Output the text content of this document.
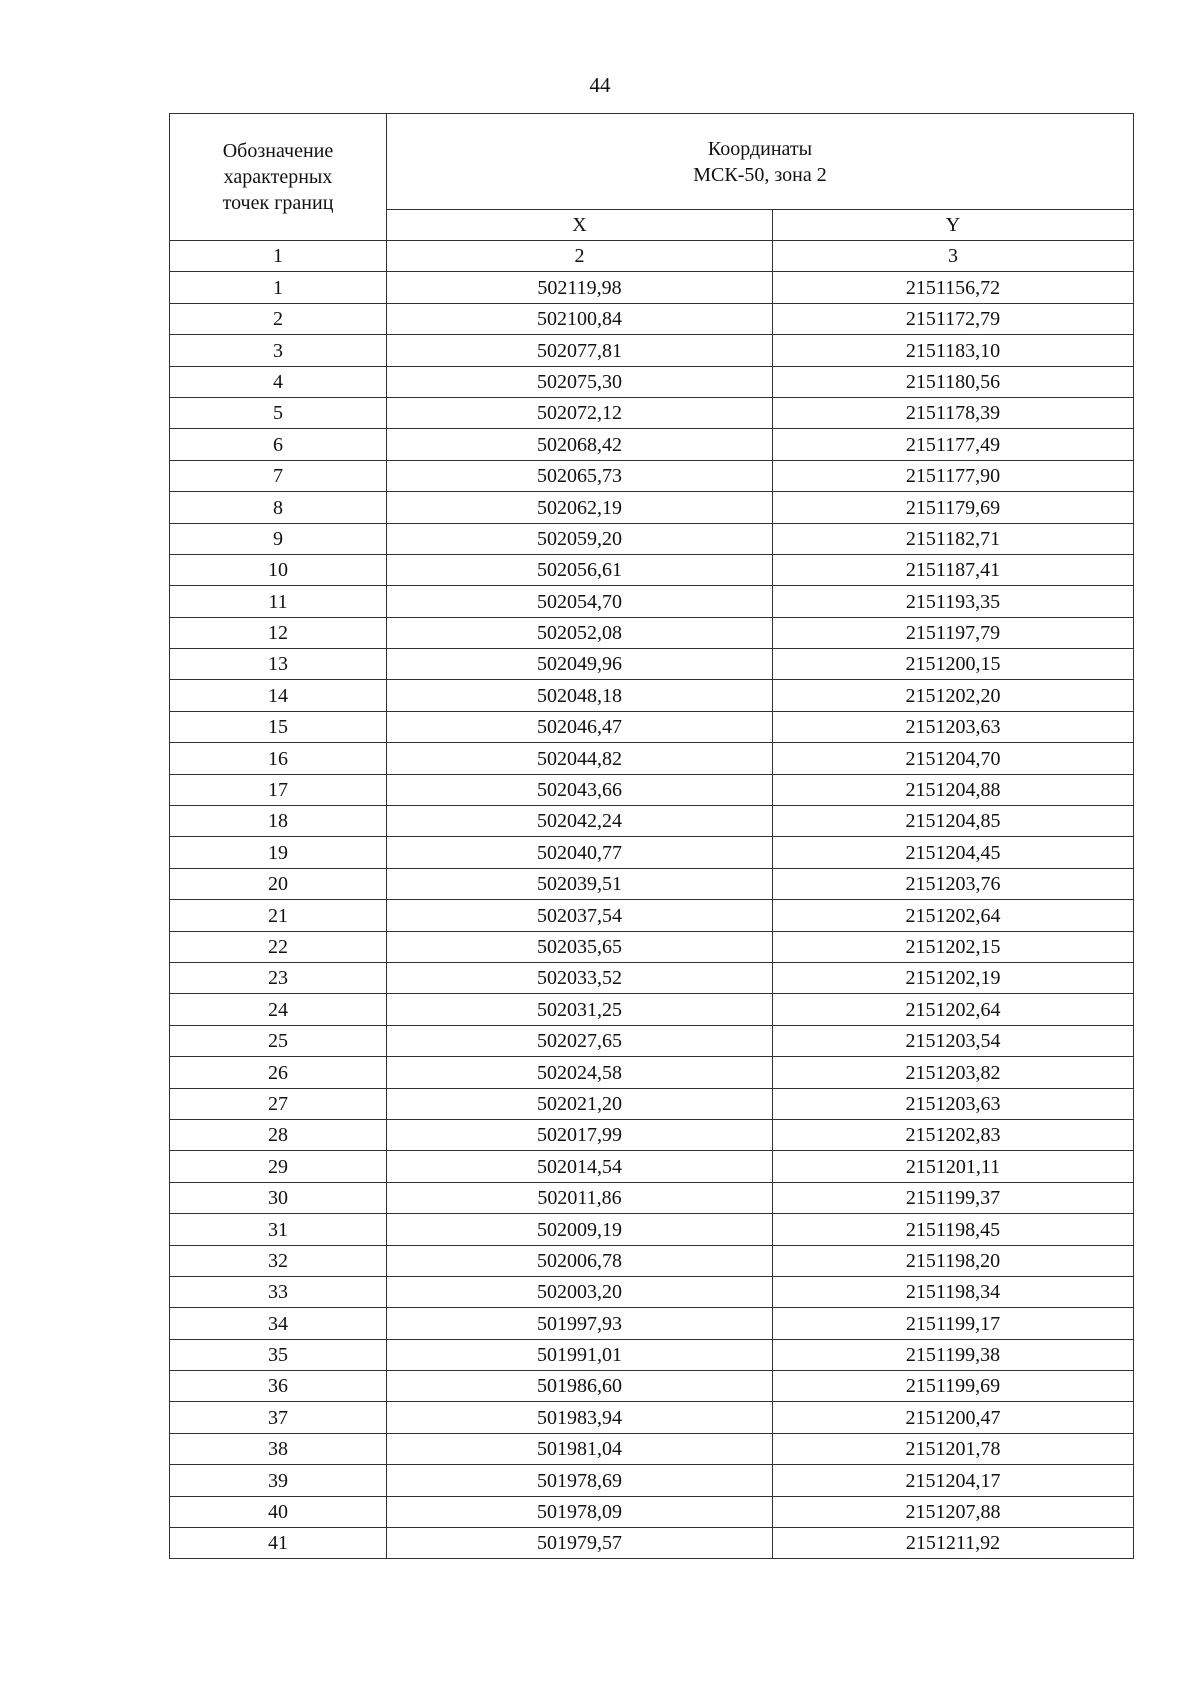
44
Обозначение
характерных
точек границ	Координаты
МСК-50, зона 2	
	X	Y
1	2	3
1	502119,98	2151156,72
2	502100,84	2151172,79
3	502077,81	2151183,10
4	502075,30	2151180,56
5	502072,12	2151178,39
6	502068,42	2151177,49
7	502065,73	2151177,90
8	502062,19	2151179,69
9	502059,20	2151182,71
10	502056,61	2151187,41
11	502054,70	2151193,35
12	502052,08	2151197,79
13	502049,96	2151200,15
14	502048,18	2151202,20
15	502046,47	2151203,63
16	502044,82	2151204,70
17	502043,66	2151204,88
18	502042,24	2151204,85
19	502040,77	2151204,45
20	502039,51	2151203,76
21	502037,54	2151202,64
22	502035,65	2151202,15
23	502033,52	2151202,19
24	502031,25	2151202,64
25	502027,65	2151203,54
26	502024,58	2151203,82
27	502021,20	2151203,63
28	502017,99	2151202,83
29	502014,54	2151201,11
30	502011,86	2151199,37
31	502009,19	2151198,45
32	502006,78	2151198,20
33	502003,20	2151198,34
34	501997,93	2151199,17
35	501991,01	2151199,38
36	501986,60	2151199,69
37	501983,94	2151200,47
38	501981,04	2151201,78
39	501978,69	2151204,17
40	501978,09	2151207,88
41	501979,57	2151211,92
